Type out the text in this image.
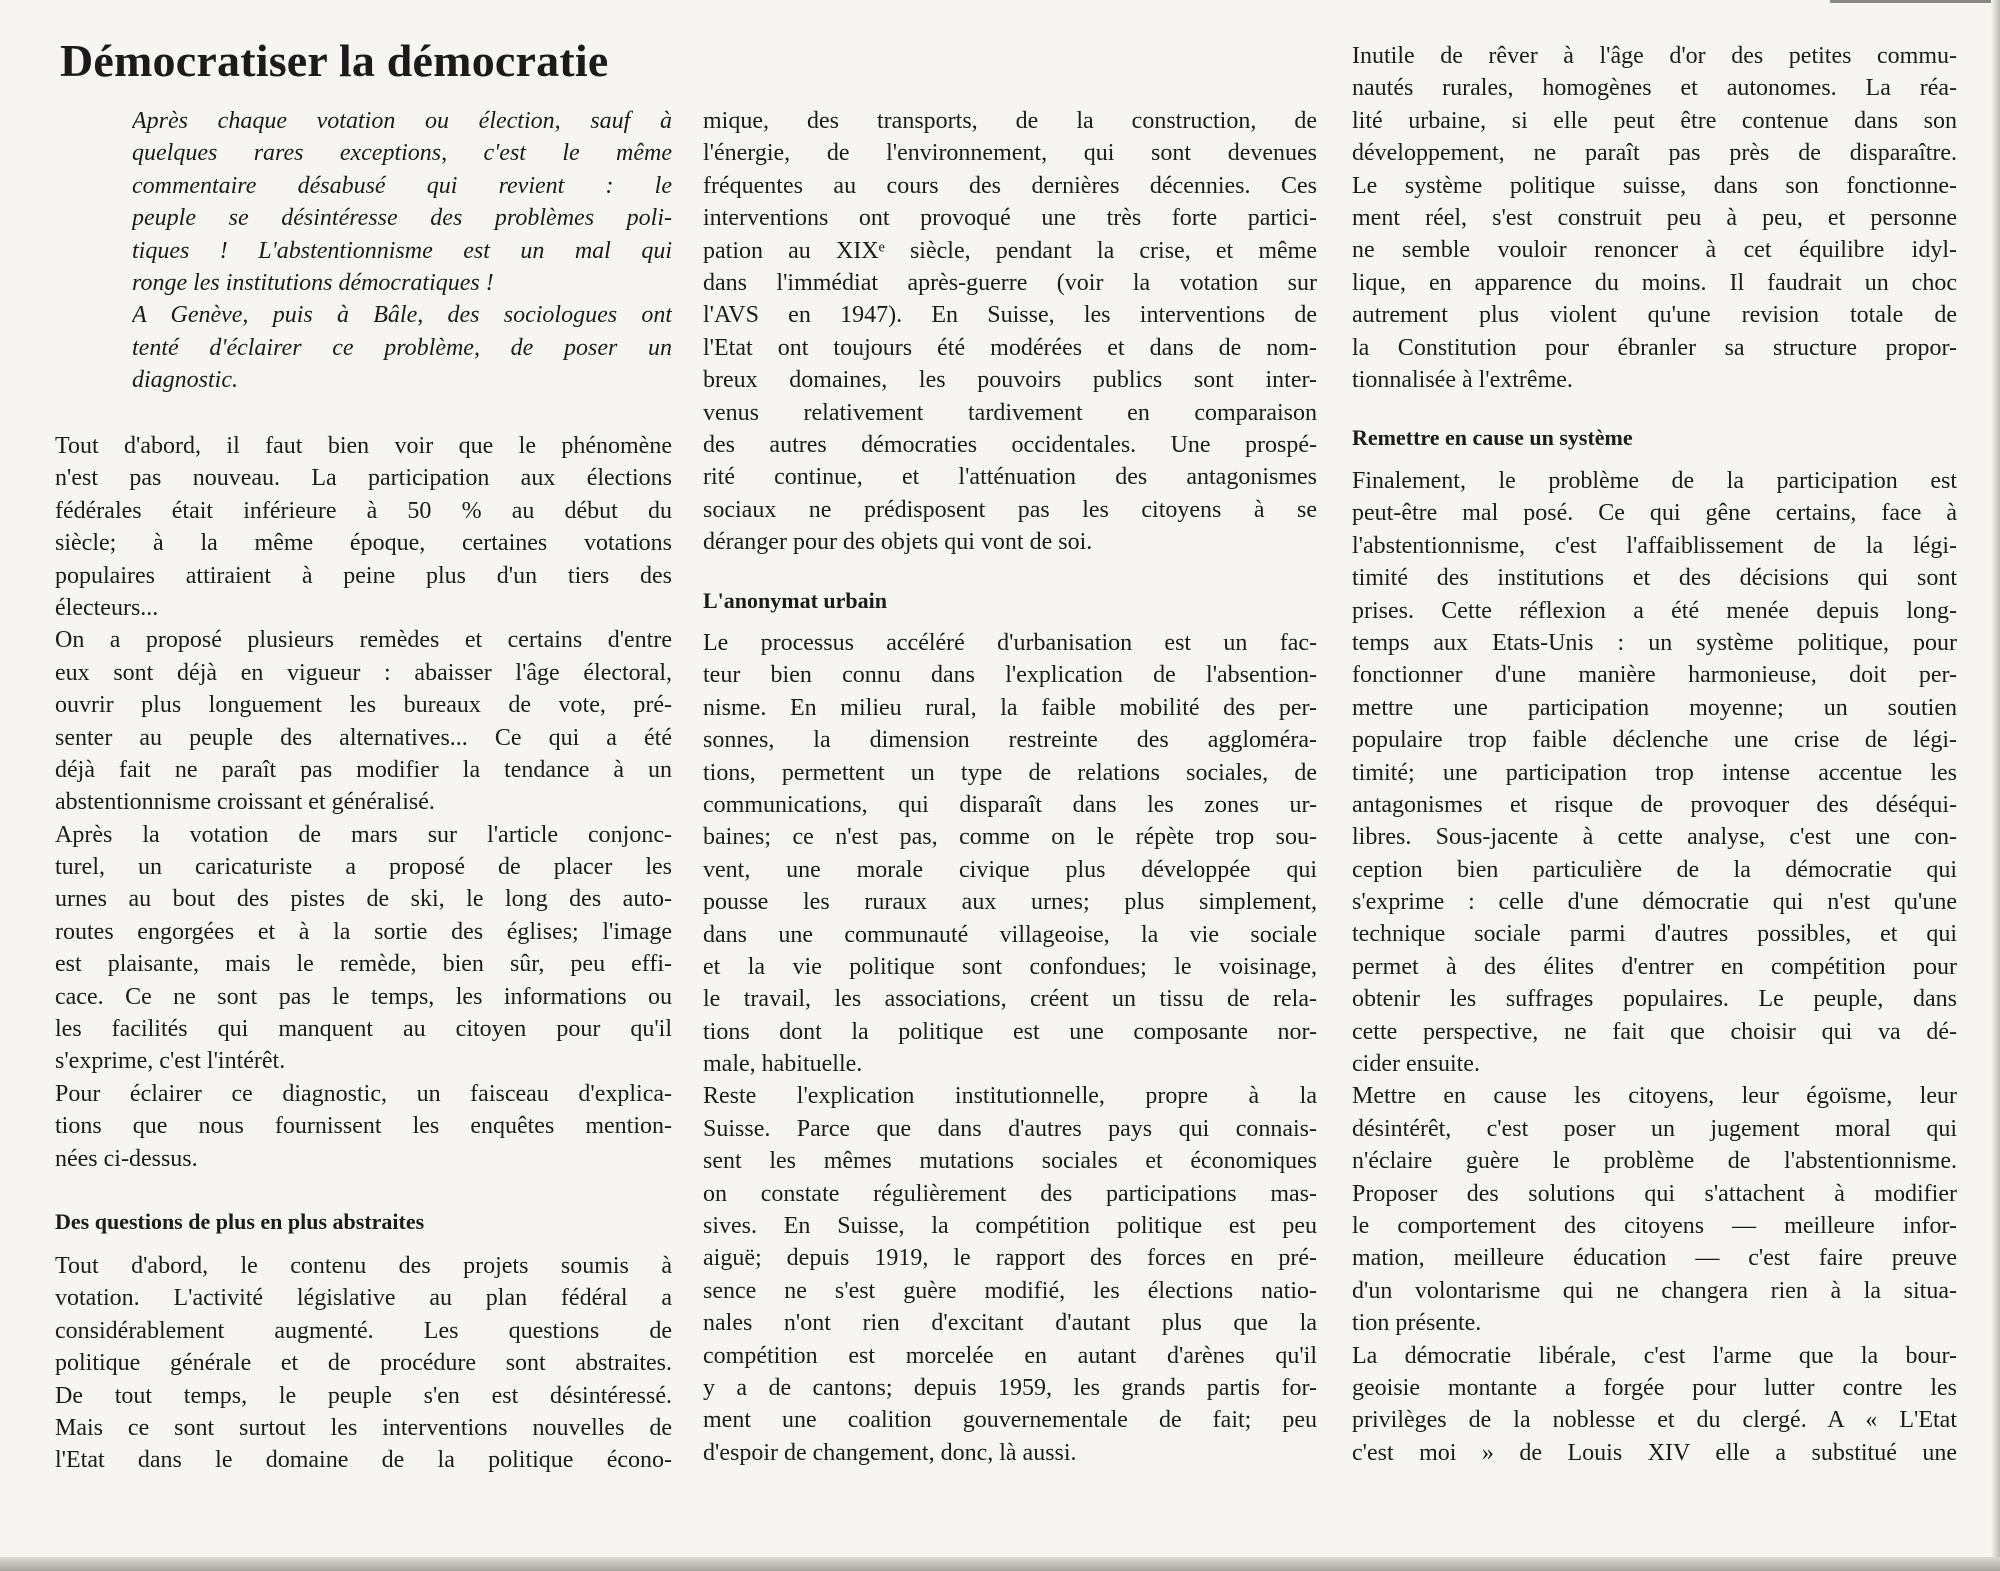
Démocratiser la démocratie
Après chaque votation ou élection, sauf à
quelques rares exceptions, c'est le même
commentaire désabusé qui revient : le
peuple se désintéresse des problèmes poli-
tiques ! L'abstentionnisme est un mal qui
ronge les institutions démocratiques !
A Genève, puis à Bâle, des sociologues ont
tenté d'éclairer ce problème, de poser un
diagnostic.
Tout d'abord, il faut bien voir que le phénomène
n'est pas nouveau. La participation aux élections
fédérales était inférieure à 50 % au début du
siècle; à la même époque, certaines votations
populaires attiraient à peine plus d'un tiers des
électeurs...
On a proposé plusieurs remèdes et certains d'entre
eux sont déjà en vigueur : abaisser l'âge électoral,
ouvrir plus longuement les bureaux de vote, pré-
senter au peuple des alternatives... Ce qui a été
déjà fait ne paraît pas modifier la tendance à un
abstentionnisme croissant et généralisé.
Après la votation de mars sur l'article conjonc-
turel, un caricaturiste a proposé de placer les
urnes au bout des pistes de ski, le long des auto-
routes engorgées et à la sortie des églises; l'image
est plaisante, mais le remède, bien sûr, peu effi-
cace. Ce ne sont pas le temps, les informations ou
les facilités qui manquent au citoyen pour qu'il
s'exprime, c'est l'intérêt.
Pour éclairer ce diagnostic, un faisceau d'explica-
tions que nous fournissent les enquêtes mention-
nées ci-dessus.
Des questions de plus en plus abstraites
Tout d'abord, le contenu des projets soumis à
votation. L'activité législative au plan fédéral a
considérablement augmenté. Les questions de
politique générale et de procédure sont abstraites.
De tout temps, le peuple s'en est désintéressé.
Mais ce sont surtout les interventions nouvelles de
l'Etat dans le domaine de la politique écono-
mique, des transports, de la construction, de
l'énergie, de l'environnement, qui sont devenues
fréquentes au cours des dernières décennies. Ces
interventions ont provoqué une très forte partici-
pation au XIXᵉ siècle, pendant la crise, et même
dans l'immédiat après-guerre (voir la votation sur
l'AVS en 1947). En Suisse, les interventions de
l'Etat ont toujours été modérées et dans de nom-
breux domaines, les pouvoirs publics sont inter-
venus relativement tardivement en comparaison
des autres démocraties occidentales. Une prospé-
rité continue, et l'atténuation des antagonismes
sociaux ne prédisposent pas les citoyens à se
déranger pour des objets qui vont de soi.
L'anonymat urbain
Le processus accéléré d'urbanisation est un fac-
teur bien connu dans l'explication de l'absention-
nisme. En milieu rural, la faible mobilité des per-
sonnes, la dimension restreinte des aggloméra-
tions, permettent un type de relations sociales, de
communications, qui disparaît dans les zones ur-
baines; ce n'est pas, comme on le répète trop sou-
vent, une morale civique plus développée qui
pousse les ruraux aux urnes; plus simplement,
dans une communauté villageoise, la vie sociale
et la vie politique sont confondues; le voisinage,
le travail, les associations, créent un tissu de rela-
tions dont la politique est une composante nor-
male, habituelle.
Reste l'explication institutionnelle, propre à la
Suisse. Parce que dans d'autres pays qui connais-
sent les mêmes mutations sociales et économiques
on constate régulièrement des participations mas-
sives. En Suisse, la compétition politique est peu
aiguë; depuis 1919, le rapport des forces en pré-
sence ne s'est guère modifié, les élections natio-
nales n'ont rien d'excitant d'autant plus que la
compétition est morcelée en autant d'arènes qu'il
y a de cantons; depuis 1959, les grands partis for-
ment une coalition gouvernementale de fait; peu
d'espoir de changement, donc, là aussi.
Inutile de rêver à l'âge d'or des petites commu-
nautés rurales, homogènes et autonomes. La réa-
lité urbaine, si elle peut être contenue dans son
développement, ne paraît pas près de disparaître.
Le système politique suisse, dans son fonctionne-
ment réel, s'est construit peu à peu, et personne
ne semble vouloir renoncer à cet équilibre idyl-
lique, en apparence du moins. Il faudrait un choc
autrement plus violent qu'une revision totale de
la Constitution pour ébranler sa structure propor-
tionnalisée à l'extrême.
Remettre en cause un système
Finalement, le problème de la participation est
peut-être mal posé. Ce qui gêne certains, face à
l'abstentionnisme, c'est l'affaiblissement de la légi-
timité des institutions et des décisions qui sont
prises. Cette réflexion a été menée depuis long-
temps aux Etats-Unis : un système politique, pour
fonctionner d'une manière harmonieuse, doit per-
mettre une participation moyenne; un soutien
populaire trop faible déclenche une crise de légi-
timité; une participation trop intense accentue les
antagonismes et risque de provoquer des déséqui-
libres. Sous-jacente à cette analyse, c'est une con-
ception bien particulière de la démocratie qui
s'exprime : celle d'une démocratie qui n'est qu'une
technique sociale parmi d'autres possibles, et qui
permet à des élites d'entrer en compétition pour
obtenir les suffrages populaires. Le peuple, dans
cette perspective, ne fait que choisir qui va dé-
cider ensuite.
Mettre en cause les citoyens, leur égoïsme, leur
désintérêt, c'est poser un jugement moral qui
n'éclaire guère le problème de l'abstentionnisme.
Proposer des solutions qui s'attachent à modifier
le comportement des citoyens — meilleure infor-
mation, meilleure éducation — c'est faire preuve
d'un volontarisme qui ne changera rien à la situa-
tion présente.
La démocratie libérale, c'est l'arme que la bour-
geoisie montante a forgée pour lutter contre les
privilèges de la noblesse et du clergé. A « L'Etat
c'est moi » de Louis XIV elle a substitué une
